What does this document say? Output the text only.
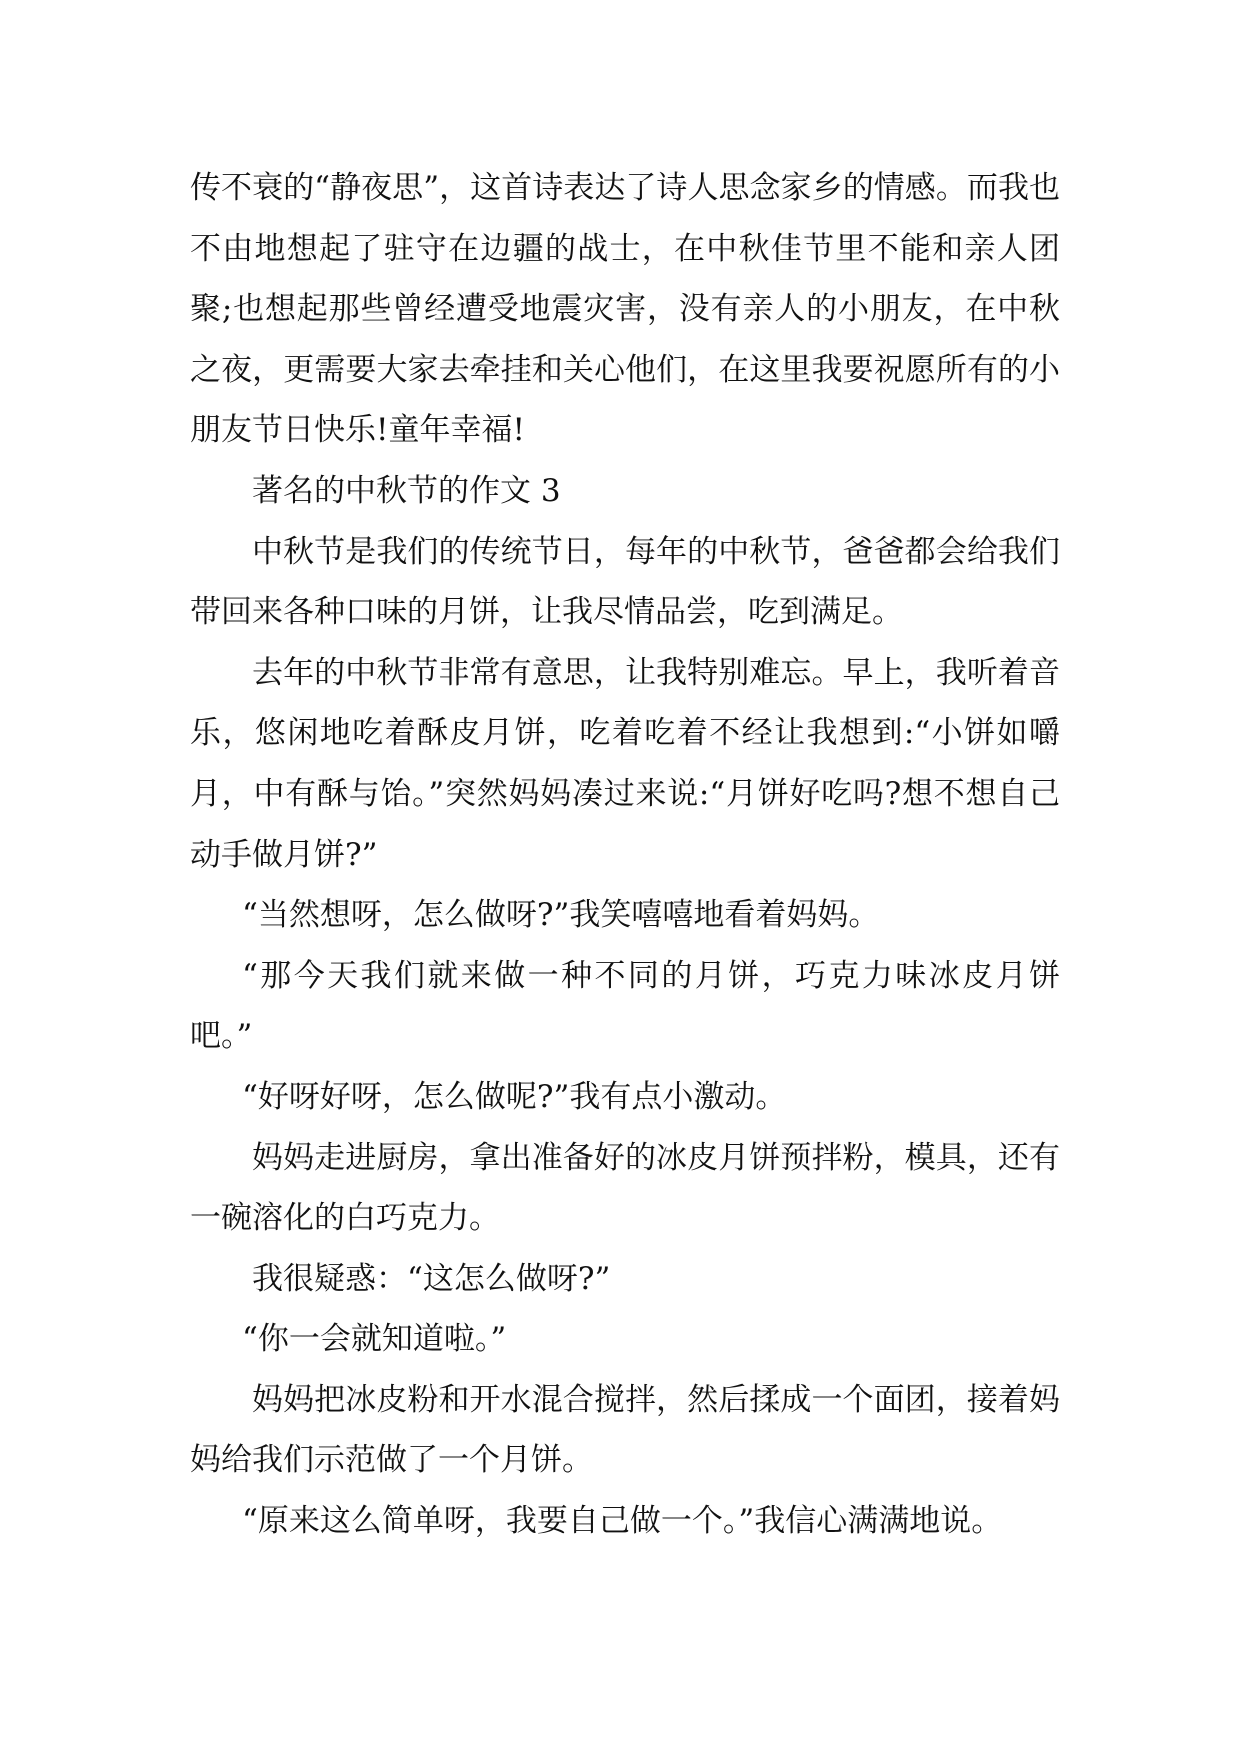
传不衰的“静夜思”，这首诗表达了诗人思念家乡的情感。而我也不由地想起了驻守在边疆的战士，在中秋佳节里不能和亲人团聚;也想起那些曾经遭受地震灾害，没有亲人的小朋友，在中秋之夜，更需要大家去牵挂和关心他们，在这里我要祝愿所有的小朋友节日快乐!童年幸福!

著名的中秋节的作文 3

中秋节是我们的传统节日，每年的中秋节，爸爸都会给我们带回来各种口味的月饼，让我尽情品尝，吃到满足。

去年的中秋节非常有意思，让我特别难忘。早上，我听着音乐，悠闲地吃着酥皮月饼，吃着吃着不经让我想到:“小饼如嚼月，中有酥与饴。”突然妈妈凑过来说:“月饼好吃吗?想不想自己动手做月饼?”

“当然想呀，怎么做呀?”我笑嘻嘻地看着妈妈。

“那今天我们就来做一种不同的月饼，巧克力味冰皮月饼吧。”

“好呀好呀，怎么做呢?”我有点小激动。

妈妈走进厨房，拿出准备好的冰皮月饼预拌粉，模具，还有一碗溶化的白巧克力。

我很疑惑：“这怎么做呀?”

“你一会就知道啦。”

妈妈把冰皮粉和开水混合搅拌，然后揉成一个面团，接着妈妈给我们示范做了一个月饼。

“原来这么简单呀，我要自己做一个。”我信心满满地说。
